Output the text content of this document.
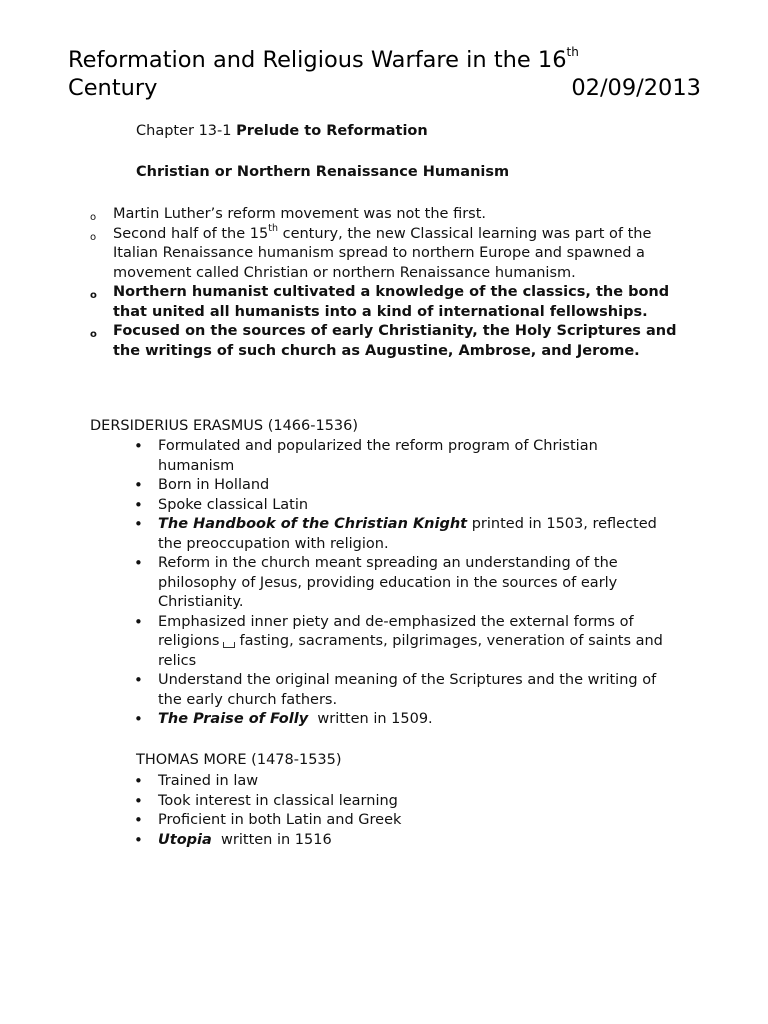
Reformation and Religious Warfare in the 16th
Century	02/09/2013

Chapter 13-1 Prelude to Reformation

Christian or Northern Renaissance Humanism

o Martin Luther’s reform movement was not the first.
o Second half of the 15th century, the new Classical learning was part of the Italian Renaissance humanism spread to northern Europe and spawned a movement called Christian or northern Renaissance humanism.
o Northern humanist cultivated a knowledge of the classics, the bond that united all humanists into a kind of international fellowships.
o Focused on the sources of early Christianity, the Holy Scriptures and the writings of such church as Augustine, Ambrose, and Jerome.

DERSIDERIUS ERASMUS (1466-1536)

• Formulated and popularized the reform program of Christian humanism
• Born in Holland
• Spoke classical Latin
• The Handbook of the Christian Knight printed in 1503, reflected the preoccupation with religion.
• Reform in the church meant spreading an understanding of the philosophy of Jesus, providing education in the sources of early Christianity.
• Emphasized inner piety and de-emphasized the external forms of religions fasting, sacraments, pilgrimages, veneration of saints and relics
• Understand the original meaning of the Scriptures and the writing of the early church fathers.
• The Praise of Folly  written in 1509.

THOMAS MORE (1478-1535)

• Trained in law
• Took interest in classical learning
• Proficient in both Latin and Greek
• Utopia  written in 1516
